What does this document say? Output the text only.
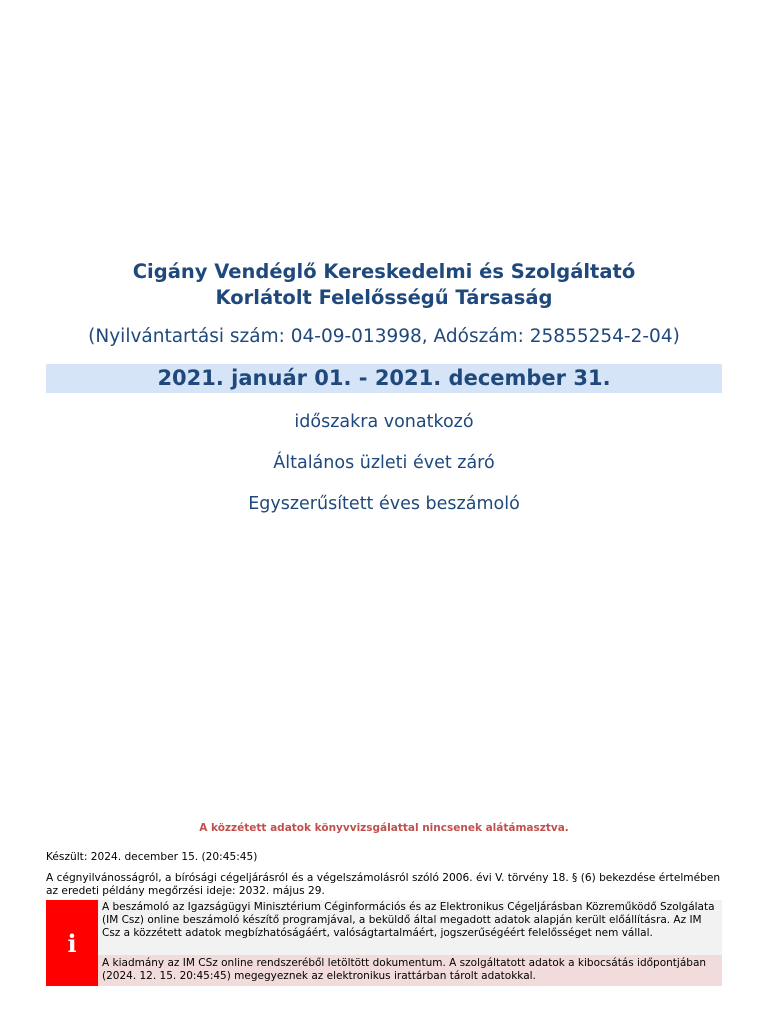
Cigány Vendéglő Kereskedelmi és Szolgáltató
Korlátolt Felelősségű Társaság
(Nyilvántartási szám: 04-09-013998, Adószám: 25855254-2-04)
2021. január 01. - 2021. december 31.
időszakra vonatkozó
Általános üzleti évet záró
Egyszerűsített éves beszámoló
A közzétett adatok könyvvizsgálattal nincsenek alátámasztva.
Készült: 2024. december 15. (20:45:45)
A cégnyilvánosságról, a bírósági cégeljárásról és a végelszámolásról szóló 2006. évi V. törvény 18. § (6) bekezdése értelmében az eredeti példány megőrzési ideje: 2032. május 29.
i
A beszámoló az Igazságügyi Minisztérium Céginformációs és az Elektronikus Cégeljárásban Közreműködő Szolgálata (IM Csz) online beszámoló készítő programjával, a beküldő által megadott adatok alapján került előállításra. Az IM Csz a közzétett adatok megbízhatóságáért, valóságtartalmáért, jogszerűségéért felelősséget nem vállal.
A kiadmány az IM CSz online rendszeréből letöltött dokumentum. A szolgáltatott adatok a kibocsátás időpontjában (2024. 12. 15. 20:45:45) megegyeznek az elektronikus irattárban tárolt adatokkal.
